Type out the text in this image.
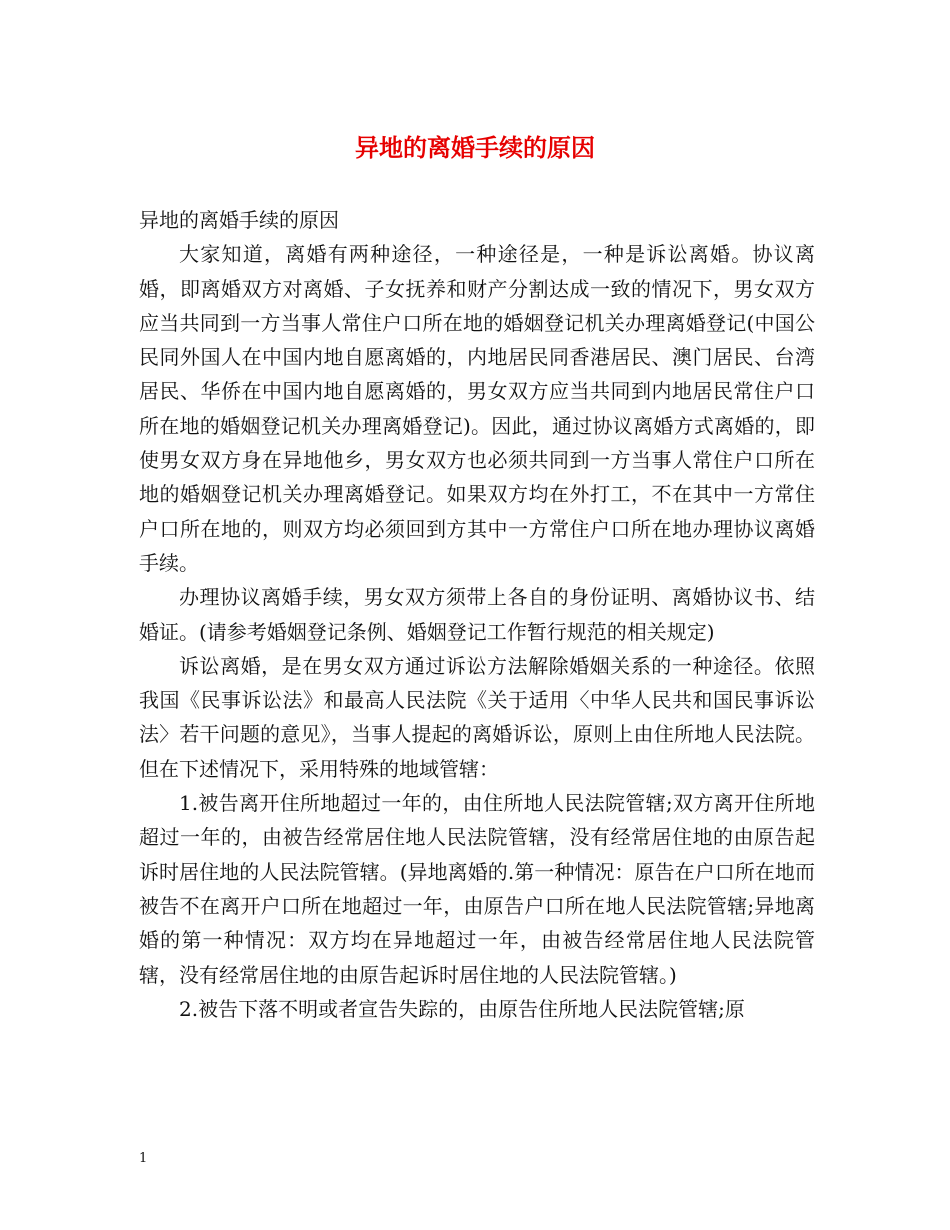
异地的离婚手续的原因

异地的离婚手续的原因

大家知道，离婚有两种途径，一种途径是，一种是诉讼离婚。协议离婚，即离婚双方对离婚、子女抚养和财产分割达成一致的情况下，男女双方应当共同到一方当事人常住户口所在地的婚姻登记机关办理离婚登记(中国公民同外国人在中国内地自愿离婚的，内地居民同香港居民、澳门居民、台湾居民、华侨在中国内地自愿离婚的，男女双方应当共同到内地居民常住户口所在地的婚姻登记机关办理离婚登记)。因此，通过协议离婚方式离婚的，即使男女双方身在异地他乡，男女双方也必须共同到一方当事人常住户口所在地的婚姻登记机关办理离婚登记。如果双方均在外打工，不在其中一方常住户口所在地的，则双方均必须回到方其中一方常住户口所在地办理协议离婚手续。

办理协议离婚手续，男女双方须带上各自的身份证明、离婚协议书、结婚证。(请参考婚姻登记条例、婚姻登记工作暂行规范的相关规定)

诉讼离婚，是在男女双方通过诉讼方法解除婚姻关系的一种途径。依照我国《民事诉讼法》和最高人民法院《关于适用〈中华人民共和国民事诉讼法〉若干问题的意见》，当事人提起的离婚诉讼，原则上由住所地人民法院。但在下述情况下，采用特殊的地域管辖：

1.被告离开住所地超过一年的，由住所地人民法院管辖;双方离开住所地超过一年的，由被告经常居住地人民法院管辖，没有经常居住地的由原告起诉时居住地的人民法院管辖。(异地离婚的.第一种情况：原告在户口所在地而被告不在离开户口所在地超过一年，由原告户口所在地人民法院管辖;异地离婚的第一种情况：双方均在异地超过一年，由被告经常居住地人民法院管辖，没有经常居住地的由原告起诉时居住地的人民法院管辖。)

2.被告下落不明或者宣告失踪的，由原告住所地人民法院管辖;原

1
